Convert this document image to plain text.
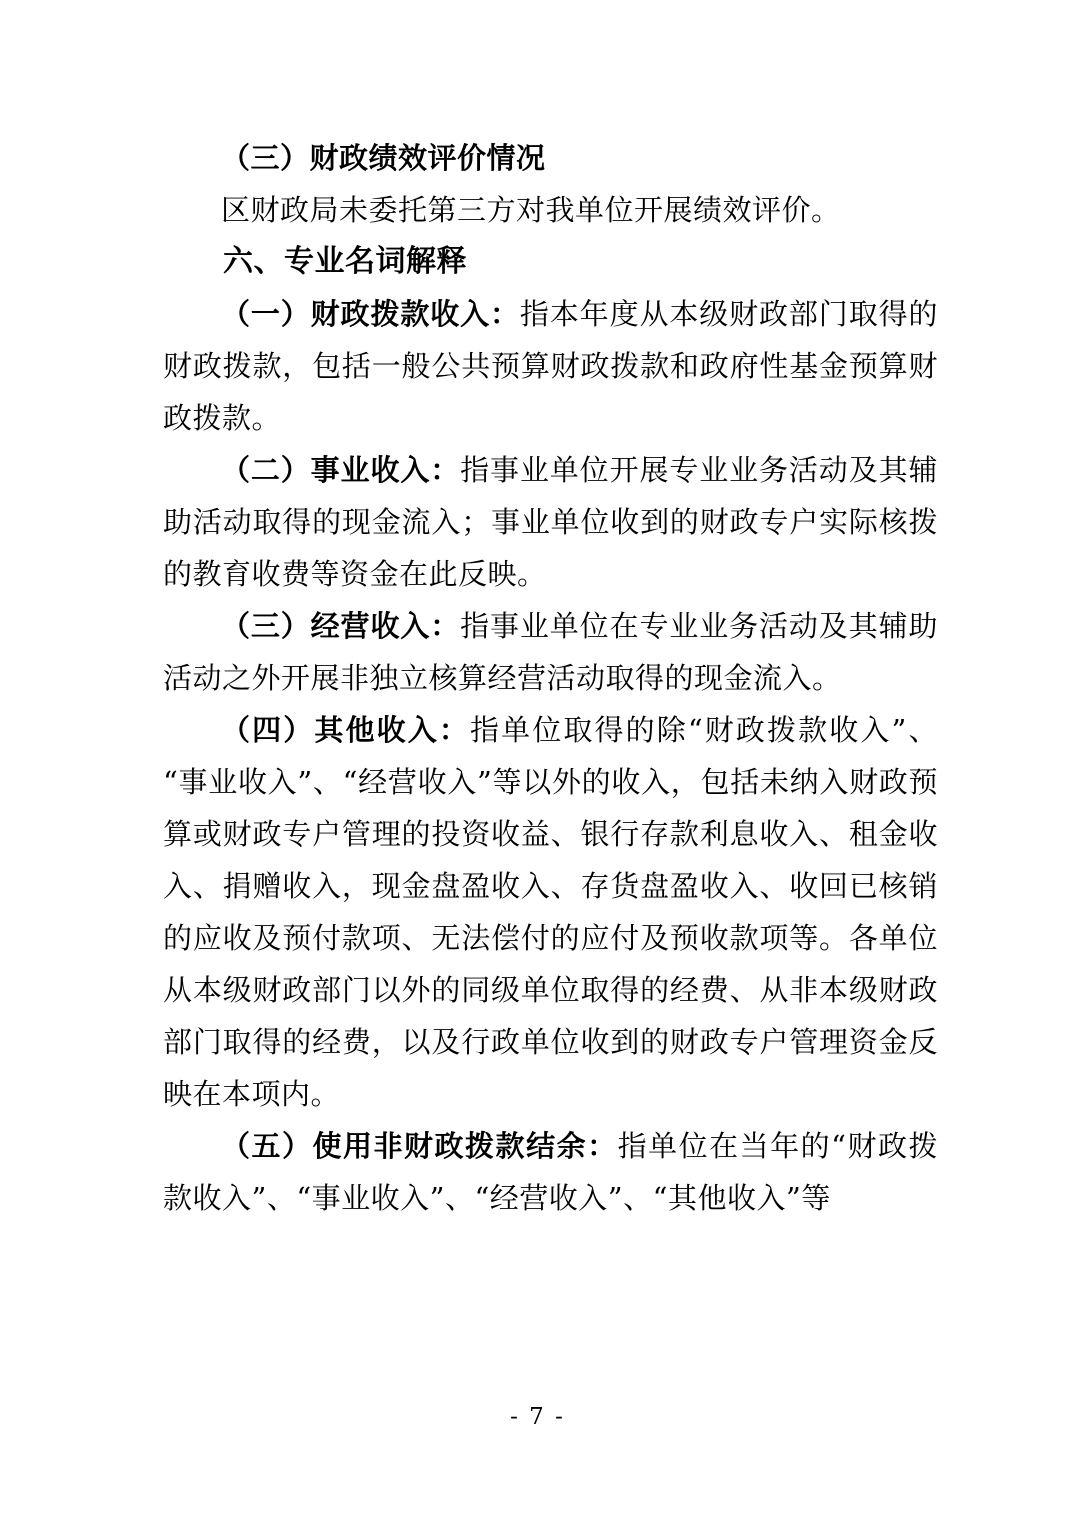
（三）财政绩效评价情况

区财政局未委托第三方对我单位开展绩效评价。

六、专业名词解释

（一）财政拨款收入：指本年度从本级财政部门取得的财政拨款，包括一般公共预算财政拨款和政府性基金预算财政拨款。

（二）事业收入：指事业单位开展专业业务活动及其辅助活动取得的现金流入；事业单位收到的财政专户实际核拨的教育收费等资金在此反映。

（三）经营收入：指事业单位在专业业务活动及其辅助活动之外开展非独立核算经营活动取得的现金流入。

（四）其他收入：指单位取得的除“财政拨款收入”、“事业收入”、“经营收入”等以外的收入，包括未纳入财政预算或财政专户管理的投资收益、银行存款利息收入、租金收入、捐赠收入，现金盘盈收入、存货盘盈收入、收回已核销的应收及预付款项、无法偿付的应付及预收款项等。各单位从本级财政部门以外的同级单位取得的经费、从非本级财政部门取得的经费，以及行政单位收到的财政专户管理资金反映在本项内。

（五）使用非财政拨款结余：指单位在当年的“财政拨款收入”、“事业收入”、“经营收入”、“其他收入”等

- 7 -
